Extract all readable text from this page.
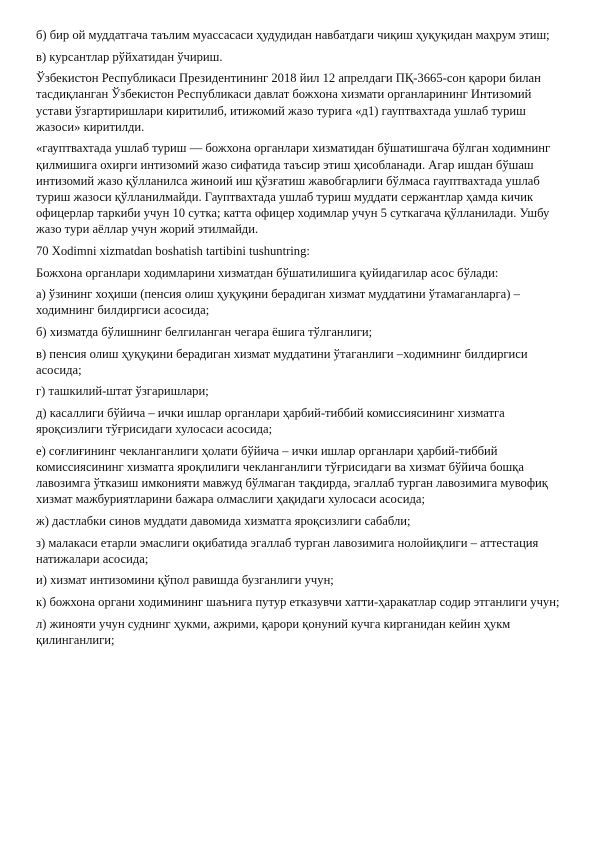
б) бир ой муддатгача таълим муассасаси ҳудудидан навбатдаги чиқиш ҳуқуқидан маҳрум этиш;

в) курсантлар рўйхатидан ўчириш.

Ўзбекистон Республикаси Президентининг 2018 йил 12 апрелдаги ПҚ-3665-сон қарори билан тасдиқланган Ўзбекистон Республикаси давлат божхона хизмати органларининг Интизомий устави ўзгартиришлари киритилиб, итижомий жазо турига «д1) гауптвахтада ушлаб туриш жазоси» киритилди.

«гауптвахтада ушлаб туриш — божхона органлари хизматидан бўшатишгача бўлган ходимнинг қилмишига охирги интизомий жазо сифатида таъсир этиш ҳисобланади. Агар ишдан бўшаш интизомий жазо қўлланилса жиноий иш қўзғатиш жавобгарлиги бўлмаса гауптвахтада ушлаб туриш жазоси қўлланилмайди. Гауптвахтада ушлаб туриш муддати сержантлар ҳамда кичик офицерлар таркиби учун 10 сутка; катта офицер ходимлар учун 5 суткагача қўлланилади. Ушбу жазо тури аёллар учун жорий этилмайди.

70 Xodimni xizmatdan boshatish tartibini tushuntring:

Божхона органлари ходимларини хизматдан бўшатилишига қуйидагилар асос бўлади:

а) ўзининг хоҳиши (пенсия олиш ҳуқуқини берадиган хизмат муддатини ўтамаганларга) – ходимнинг билдиргиси асосида;

б) хизматда бўлишнинг белгиланган чегара ёшига тўлганлиги;

в) пенсия олиш ҳуқуқини берадиган хизмат муддатини ўтаганлиги –ходимнинг билдиргиси асосида;

г) ташкилий-штат ўзгаришлари;

д) касаллиги бўйича – ички ишлар органлари ҳарбий-тиббий комиссиясининг хизматга яроқсизлиги тўғрисидаги хулосаси асосида;

е) соғлиғининг чекланганлиги ҳолати бўйича – ички ишлар органлари ҳарбий-тиббий комиссиясининг хизматга яроқлилиги чекланганлиги тўғрисидаги ва хизмат бўйича бошқа лавозимга ўтказиш имконияти мавжуд бўлмаган тақдирда, эгаллаб турган лавозимига мувофиқ хизмат мажбуриятларини бажара олмаслиги ҳақидаги хулосаси асосида;

ж) дастлабки синов муддати давомида хизматга яроқсизлиги сабабли;

з) малакаси етарли эмаслиги оқибатида эгаллаб турган лавозимига нолойиқлиги – аттестация натижалари асосида;

и) хизмат интизомини қўпол равишда бузганлиги учун;

к) божхона органи ходимининг шаънига путур етказувчи хатти-ҳаракатлар содир этганлиги учун;

л) жинояти учун суднинг ҳукми, ажрими, қарори қонуний кучга кирганидан кейин ҳукм қилинганлиги;
